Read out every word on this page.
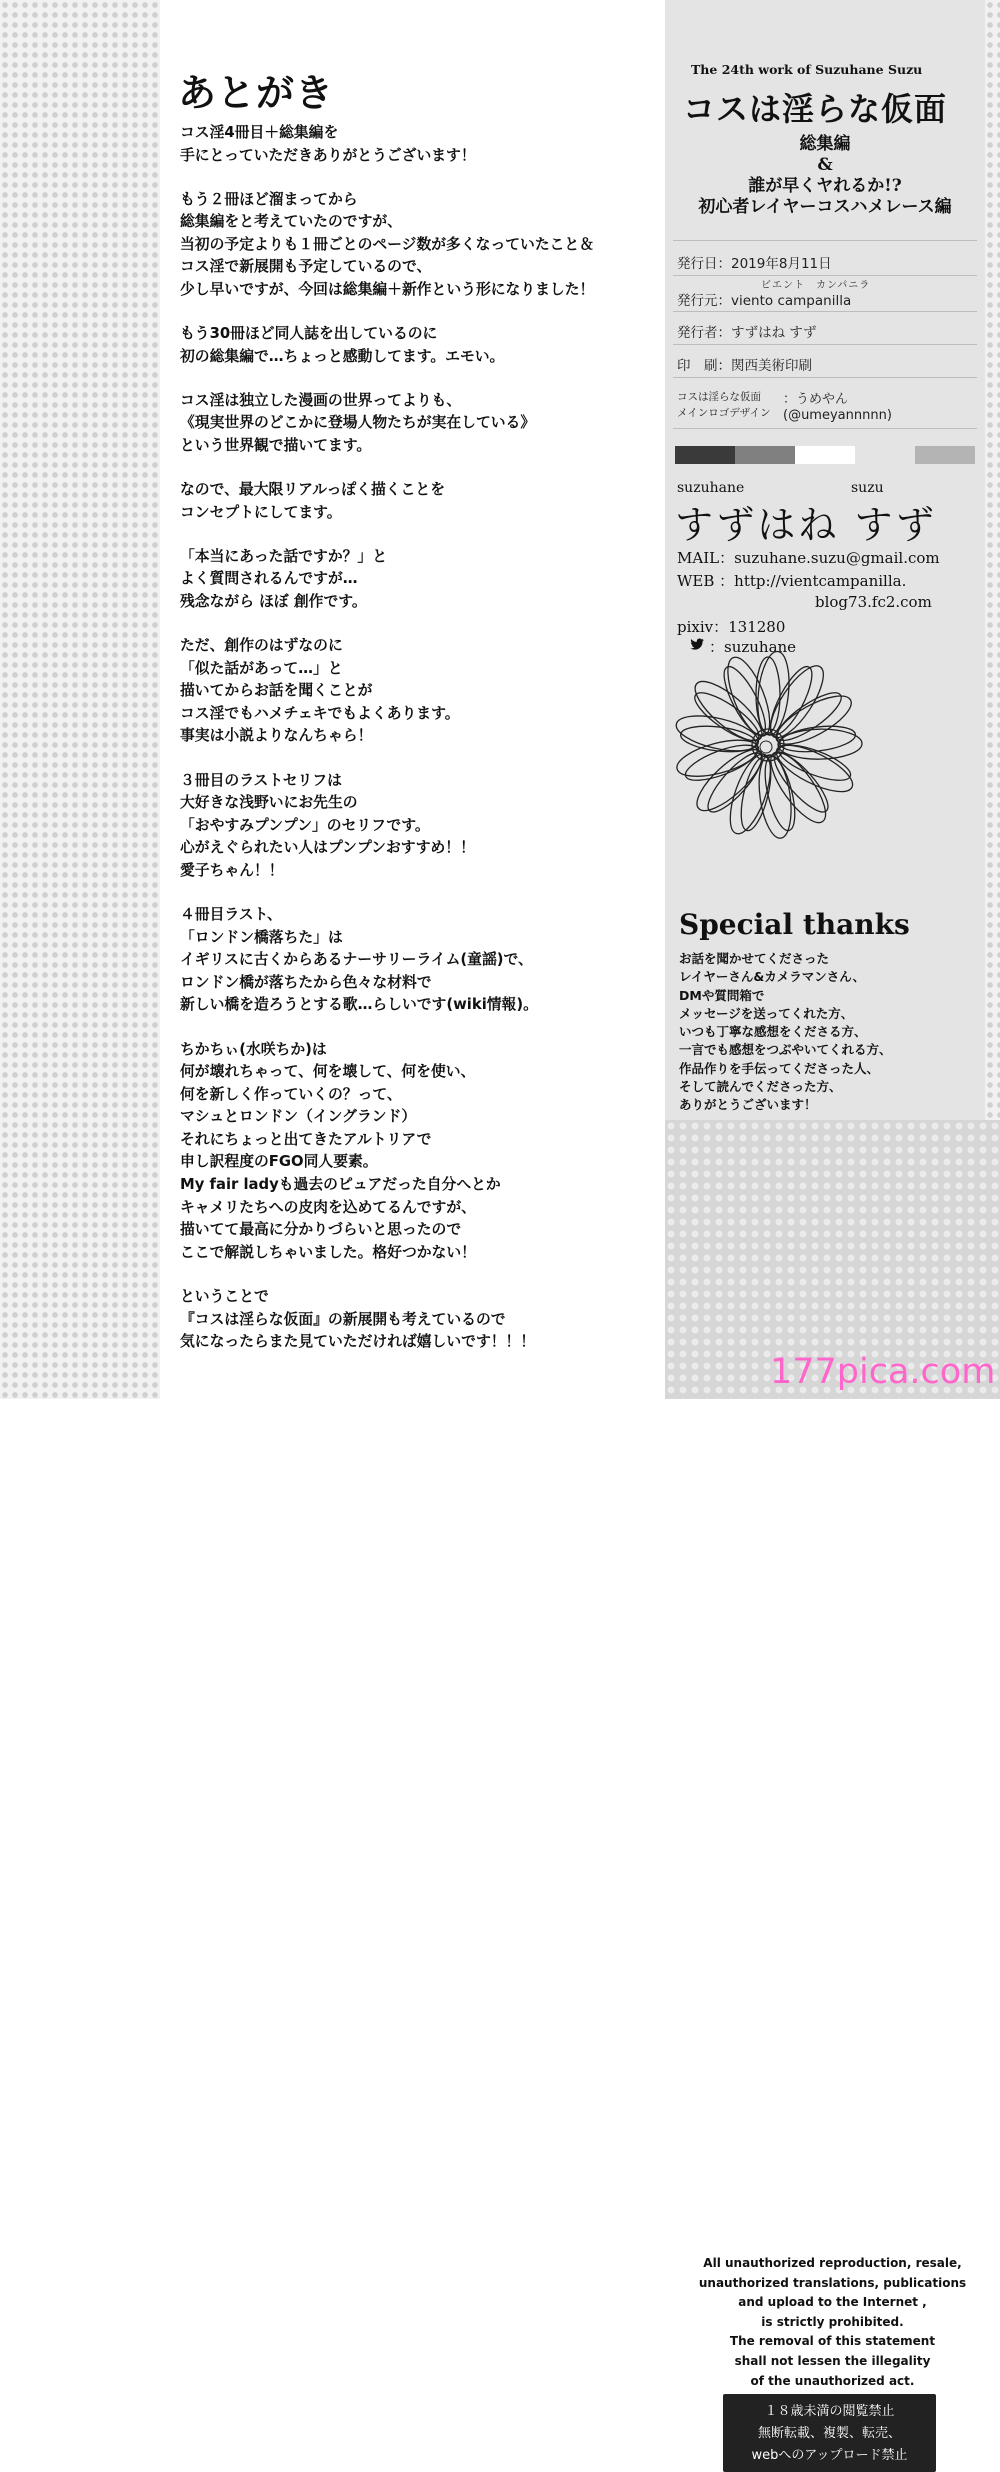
あとがき
コス淫4冊目＋総集編を
手にとっていただきありがとうございます！
もう２冊ほど溜まってから
総集編をと考えていたのですが、
当初の予定よりも１冊ごとのページ数が多くなっていたこと＆
コス淫で新展開も予定しているので、
少し早いですが、今回は総集編＋新作という形になりました！
もう30冊ほど同人誌を出しているのに
初の総集編で…ちょっと感動してます。エモい。
コス淫は独立した漫画の世界ってよりも、
《現実世界のどこかに登場人物たちが実在している》
という世界観で描いてます。
なので、最大限リアルっぽく描くことを
コンセプトにしてます。
「本当にあった話ですか？」と
よく質問されるんですが…
残念ながら ほぼ 創作です。
ただ、創作のはずなのに
「似た話があって…」と
描いてからお話を聞くことが
コス淫でもハメチェキでもよくあります。
事実は小説よりなんちゃら！
３冊目のラストセリフは
大好きな浅野いにお先生の
「おやすみプンプン」のセリフです。
心がえぐられたい人はプンプンおすすめ！！
愛子ちゃん！！
４冊目ラスト、
「ロンドン橋落ちた」は
イギリスに古くからあるナーサリーライム(童謡)で、
ロンドン橋が落ちたから色々な材料で
新しい橋を造ろうとする歌…らしいです(wiki情報)。
ちかちぃ(水咲ちか)は
何が壊れちゃって、何を壊して、何を使い、
何を新しく作っていくの？って、
マシュとロンドン（イングランド）
それにちょっと出てきたアルトリアで
申し訳程度のFGO同人要素。
My fair ladyも過去のピュアだった自分へとか
キャメリたちへの皮肉を込めてるんですが、
描いてて最高に分かりづらいと思ったので
ここで解説しちゃいました。格好つかない！
ということで
『コスは淫らな仮面』の新展開も考えているので
気になったらまた見ていただければ嬉しいです！！！
The 24th work of Suzuhane Suzu
コスは淫らな仮面
総集編
&
誰が早くヤれるか!?
初心者レイヤーコスハメレース編
発行日：2019年8月11日
ビエント　カンパニラ
発行元：viento campanilla
発行者：すずはね すず
印　刷：関西美術印刷
コスは淫らな仮面
メインロゴデザイン
：うめやん
(@umeyannnnn)
suzuhane	suzu
すずはね すず
MAIL：suzuhane.suzu@gmail.com
WEB ：http://vientcampanilla.
blog73.fc2.com
pixiv：131280
：suzuhane
Special thanks
お話を聞かせてくださった
レイヤーさん&カメラマンさん、
DMや質問箱で
メッセージを送ってくれた方、
いつも丁寧な感想をくださる方、
一言でも感想をつぶやいてくれる方、
作品作りを手伝ってくださった人、
そして読んでくださった方、
ありがとうございます！
All unauthorized reproduction, resale,
unauthorized translations, publications
and upload to the Internet ,
is strictly prohibited.
The removal of this statement
shall not lessen the illegality
of the unauthorized act.
１８歳未満の閲覧禁止
無断転載、複製、転売、
webへのアップロード禁止
177pica.com
